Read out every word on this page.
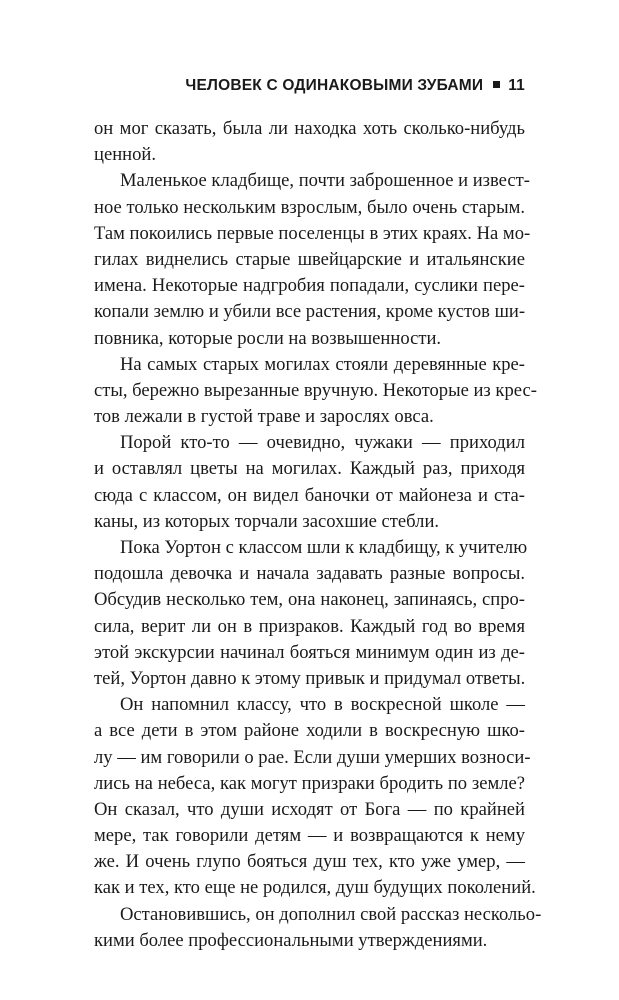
ЧЕЛОВЕК С ОДИНАКОВЫМИ ЗУБАМИ 11
он мог сказать, была ли находка хоть сколько-нибудь
ценной.
Маленькое кладбище, почти заброшенное и извест-
ное только нескольким взрослым, было очень старым.
Там покоились первые поселенцы в этих краях. На мо-
гилах виднелись старые швейцарские и итальянские
имена. Некоторые надгробия попадали, суслики пере-
копали землю и убили все растения, кроме кустов ши-
повника, которые росли на возвышенности.
На самых старых могилах стояли деревянные кре-
сты, бережно вырезанные вручную. Некоторые из крес-
тов лежали в густой траве и зарослях овса.
Порой кто-то — очевидно, чужаки — приходил
и оставлял цветы на могилах. Каждый раз, приходя
сюда с классом, он видел баночки от майонеза и ста-
каны, из которых торчали засохшие стебли.
Пока Уортон с классом шли к кладбищу, к учителю
подошла девочка и начала задавать разные вопросы.
Обсудив несколько тем, она наконец, запинаясь, спро-
сила, верит ли он в призраков. Каждый год во время
этой экскурсии начинал бояться минимум один из де-
тей, Уортон давно к этому привык и придумал ответы.
Он напомнил классу, что в воскресной школе —
а все дети в этом районе ходили в воскресную шко-
лу — им говорили о рае. Если души умерших возноси-
лись на небеса, как могут призраки бродить по земле?
Он сказал, что души исходят от Бога — по крайней
мере, так говорили детям — и возвращаются к нему
же. И очень глупо бояться душ тех, кто уже умер, —
как и тех, кто еще не родился, душ будущих поколений.
Остановившись, он дополнил свой рассказ нескольо-
кими более профессиональными утверждениями.
